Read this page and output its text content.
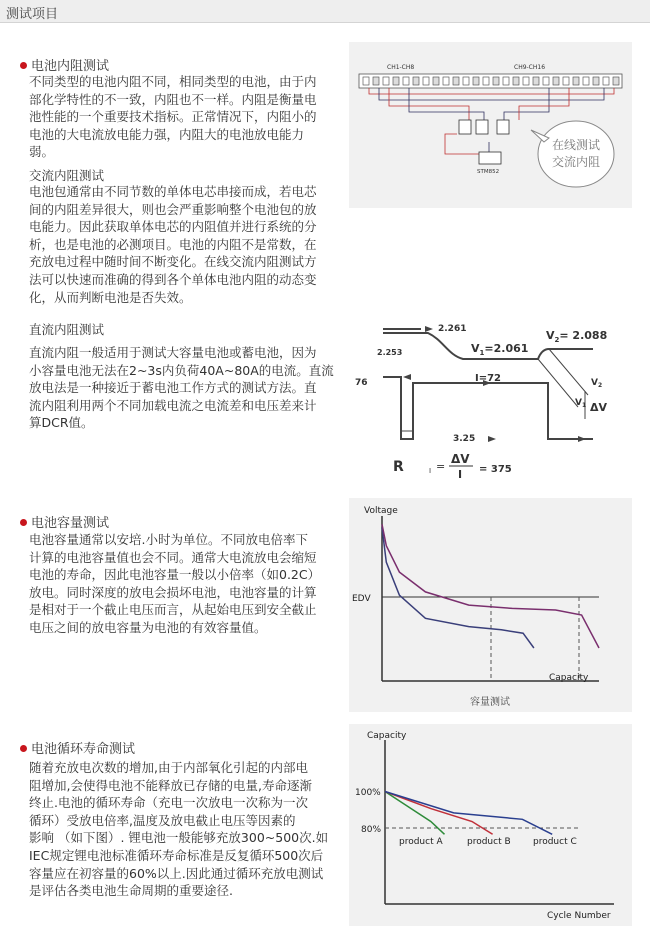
测试项目
电池内阻测试
不同类型的电池内阻不同，相同类型的电池，由于内
部化学特性的不一致，内阻也不一样。内阻是衡量电
池性能的一个重要技术指标。正常情况下，内阻小的
电池的大电流放电能力强，内阻大的电池放电能力
弱。
交流内阻测试
电池包通常由不同节数的单体电芯串接而成，若电芯
间的内阻差异很大，则也会严重影响整个电池包的放
电能力。因此获取单体电芯的内阻值并进行系统的分
析，也是电池的必测项目。电池的内阻不是常数，在
充放电过程中随时间不断变化。在线交流内阻测试方
法可以快速而准确的得到各个单体电池内阻的动态变
化，从而判断电池是否失效。
直流内阻测试
直流内阻一般适用于测试大容量电池或蓄电池，因为
小容量电池无法在2~3s内负荷40A~80A的电流。直流
放电法是一种接近于蓄电池工作方式的测试方法。直
流内阻利用两个不同加载电流之电流差和电压差来计
算DCR值。
电池容量测试
电池容量通常以安培.小时为单位。不同放电倍率下
计算的电池容量值也会不同。通常大电流放电会缩短
电池的寿命，因此电池容量一般以小倍率（如0.2C）
放电。同时深度的放电会损坏电池，电池容量的计算
是相对于一个截止电压而言，从起始电压到安全截止
电压之间的放电容量为电池的有效容量值。
电池循环寿命测试
随着充放电次数的增加,由于内部氧化引起的内部电
阻增加,会使得电池不能释放已存储的电量,寿命逐渐
终止.电池的循环寿命（充电一次放电一次称为一次
循环）受放电倍率,温度及放电截止电压等因素的
影响 （如下图）. 锂电池一般能够充放300~500次.如
IEC规定锂电池标准循环寿命标准是反复循环500次后
容量应在初容量的60%以上.因此通过循环充放电测试
是评估各类电池生命周期的重要途径.
CH1-CH8	CH9-CH16
STM852
在线测试
交流内阻
2.261
2.253	$V_1=2.061$
$V_2= 2.088$
76	I=72	$V_2$
$V_1$ ΔV
3.25
R	I =
ΔV
I = 375
Voltage
EDV
Capacity
容量测试
Capacity
100%
80%
product A	product B product C
Cycle Number
